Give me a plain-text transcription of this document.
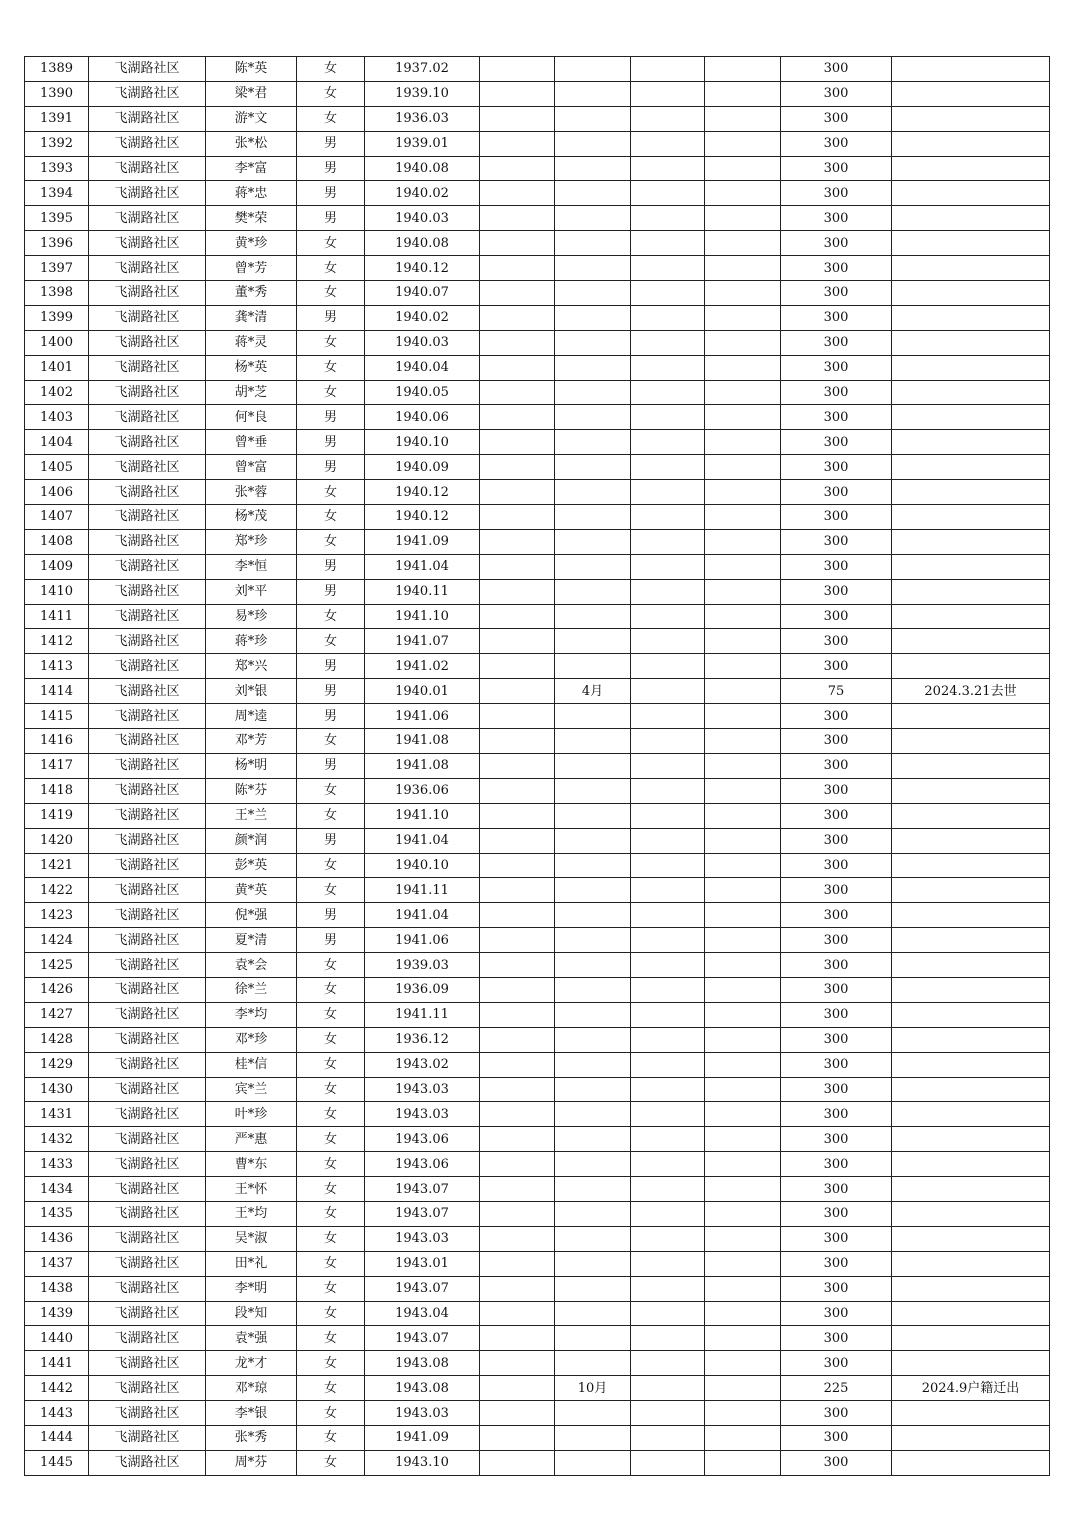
1389	飞湖路社区	陈*英	女	1937.02					300	
1390	飞湖路社区	梁*君	女	1939.10					300	
1391	飞湖路社区	游*文	女	1936.03					300	
1392	飞湖路社区	张*松	男	1939.01					300	
1393	飞湖路社区	李*富	男	1940.08					300	
1394	飞湖路社区	蒋*忠	男	1940.02					300	
1395	飞湖路社区	樊*荣	男	1940.03					300	
1396	飞湖路社区	黄*珍	女	1940.08					300	
1397	飞湖路社区	曾*芳	女	1940.12					300	
1398	飞湖路社区	董*秀	女	1940.07					300	
1399	飞湖路社区	龚*清	男	1940.02					300	
1400	飞湖路社区	蒋*灵	女	1940.03					300	
1401	飞湖路社区	杨*英	女	1940.04					300	
1402	飞湖路社区	胡*芝	女	1940.05					300	
1403	飞湖路社区	何*良	男	1940.06					300	
1404	飞湖路社区	曾*垂	男	1940.10					300	
1405	飞湖路社区	曾*富	男	1940.09					300	
1406	飞湖路社区	张*蓉	女	1940.12					300	
1407	飞湖路社区	杨*茂	女	1940.12					300	
1408	飞湖路社区	郑*珍	女	1941.09					300	
1409	飞湖路社区	李*恒	男	1941.04					300	
1410	飞湖路社区	刘*平	男	1940.11					300	
1411	飞湖路社区	易*珍	女	1941.10					300	
1412	飞湖路社区	蒋*珍	女	1941.07					300	
1413	飞湖路社区	郑*兴	男	1941.02					300	
1414	飞湖路社区	刘*银	男	1940.01		4月			75	2024.3.21去世
1415	飞湖路社区	周*逵	男	1941.06					300	
1416	飞湖路社区	邓*芳	女	1941.08					300	
1417	飞湖路社区	杨*明	男	1941.08					300	
1418	飞湖路社区	陈*芬	女	1936.06					300	
1419	飞湖路社区	王*兰	女	1941.10					300	
1420	飞湖路社区	颜*润	男	1941.04					300	
1421	飞湖路社区	彭*英	女	1940.10					300	
1422	飞湖路社区	黄*英	女	1941.11					300	
1423	飞湖路社区	倪*强	男	1941.04					300	
1424	飞湖路社区	夏*清	男	1941.06					300	
1425	飞湖路社区	袁*会	女	1939.03					300	
1426	飞湖路社区	徐*兰	女	1936.09					300	
1427	飞湖路社区	李*均	女	1941.11					300	
1428	飞湖路社区	邓*珍	女	1936.12					300	
1429	飞湖路社区	桂*信	女	1943.02					300	
1430	飞湖路社区	宾*兰	女	1943.03					300	
1431	飞湖路社区	叶*珍	女	1943.03					300	
1432	飞湖路社区	严*惠	女	1943.06					300	
1433	飞湖路社区	曹*东	女	1943.06					300	
1434	飞湖路社区	王*怀	女	1943.07					300	
1435	飞湖路社区	王*均	女	1943.07					300	
1436	飞湖路社区	吴*淑	女	1943.03					300	
1437	飞湖路社区	田*礼	女	1943.01					300	
1438	飞湖路社区	李*明	女	1943.07					300	
1439	飞湖路社区	段*知	女	1943.04					300	
1440	飞湖路社区	袁*强	女	1943.07					300	
1441	飞湖路社区	龙*才	女	1943.08					300	
1442	飞湖路社区	邓*琼	女	1943.08		10月			225	2024.9户籍迁出
1443	飞湖路社区	李*银	女	1943.03					300	
1444	飞湖路社区	张*秀	女	1941.09					300	
1445	飞湖路社区	周*芬	女	1943.10					300	
